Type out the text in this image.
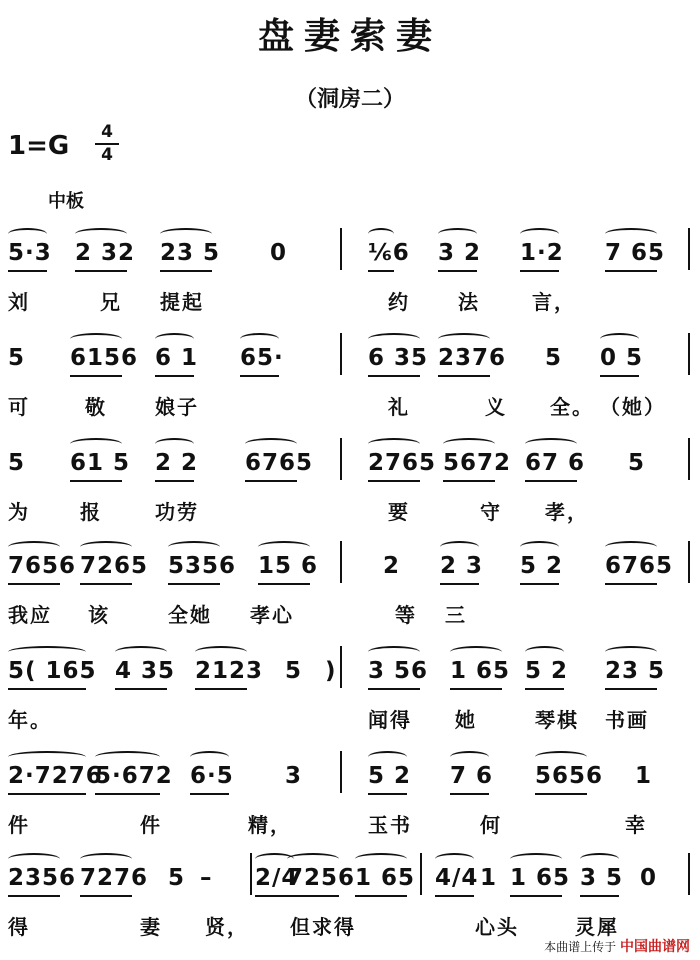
盘妻索妻
（洞房二）
1=G	4
4
中板
5·3 2 32 23 5 0	⅙6 3 2 1·2 7 65
刘	兄 提起	约 法	言，
5 6156 6 1 65·	6 35 2376 5 0 5
可	敬 娘子	礼	义 全。 （她）
5 61 5 2 2 6765 2765 5672 67 6 5
为	报	功劳	要	守 孝，
7656 7265 5356 15 6	2 2 3 5 2 6765
我应 该	全她 孝心	等 三
5( 165 4 35 2123 5 ) 3 56 1 65 5 2 23 5
年。	闻得 她	琴棋 书画
2·7276
5·672 6·5 3	5 2 7 6 5656 1
件	件	精，	玉书	何	幸
2356 7276 5 – 2/4
7256 1 65 4/4 1 1 65 3 5 0
得	妻 贤， 但求得	心头	灵犀
本曲谱上传于 中国曲谱网
